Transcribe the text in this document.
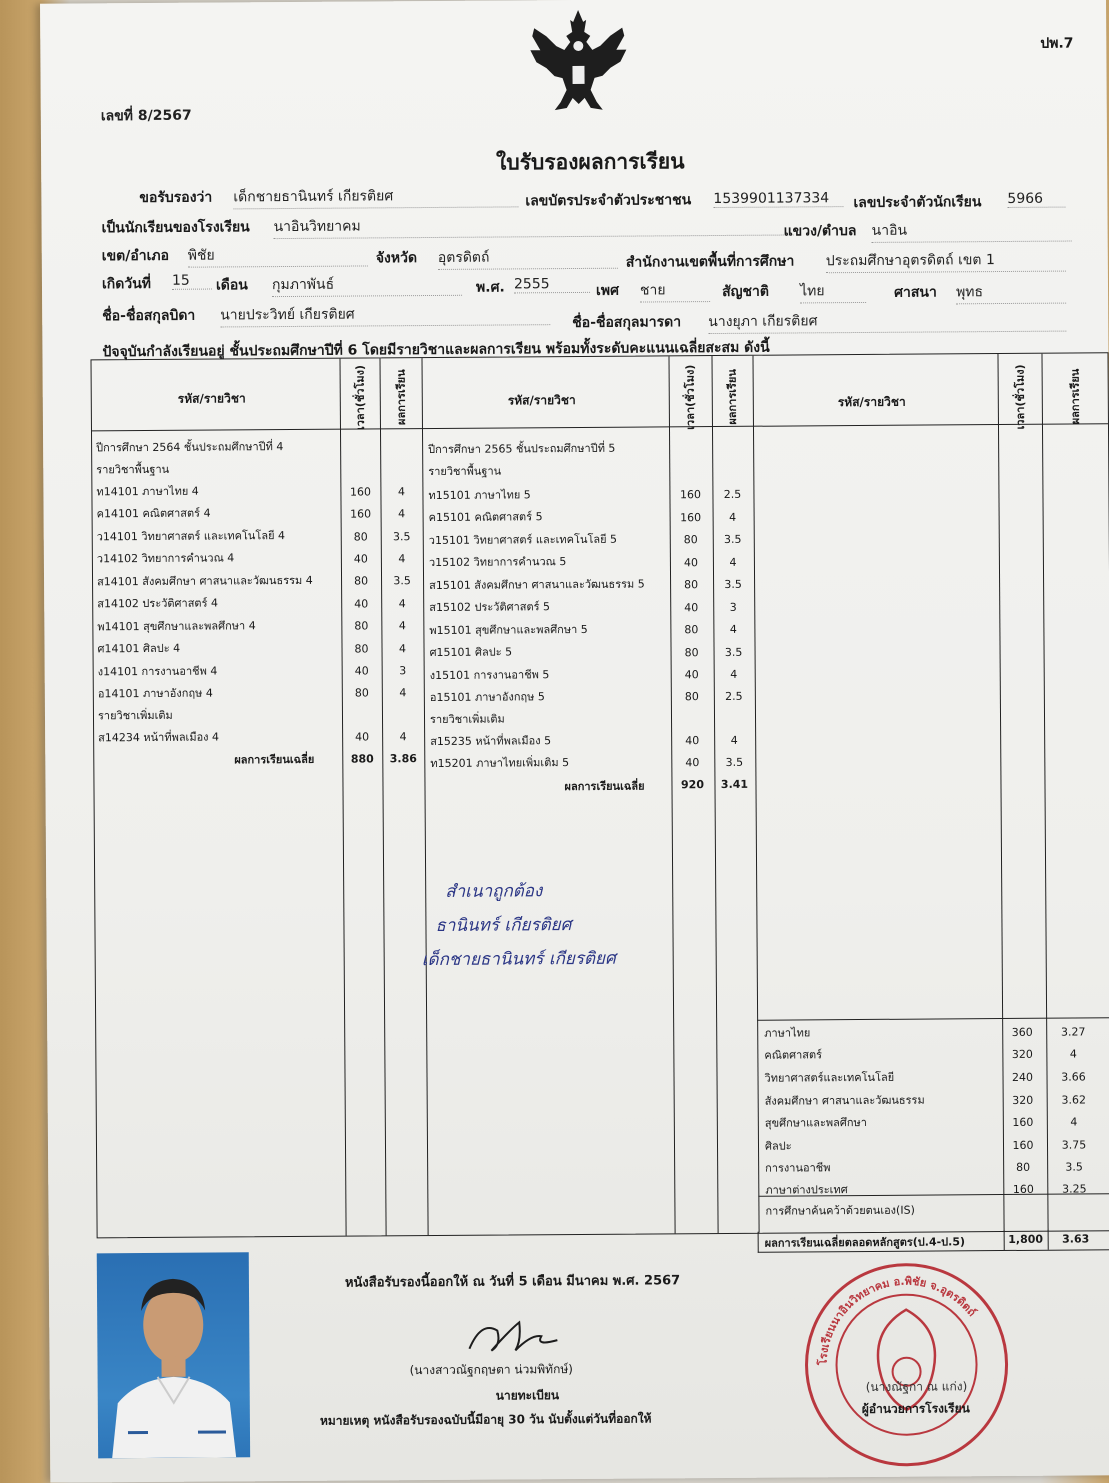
ปพ.7
เลขที่ 8/2567
ใบรับรองผลการเรียน
ขอรับรองว่า เด็กชายธานินทร์ เกียรติยศ	เลขบัตรประจำตัวประชาชน 1539901137334	เลขประจำตัวนักเรียน 5966
เป็นนักเรียนของโรงเรียน นาอินวิทยาคม	แขวง/ตำบล นาอิน
เขต/อำเภอ พิชัย	จังหวัด อุตรดิตถ์	สำนักงานเขตพื้นที่การศึกษา ประถมศึกษาอุตรดิตถ์ เขต 1
เกิดวันที่ 15	เดือน กุมภาพันธ์	พ.ศ. 2555	เพศ ชาย	สัญชาติ ไทย	ศาสนา พุทธ
ชื่อ-ชื่อสกุลบิดา นายประวิทย์ เกียรติยศ	ชื่อ-ชื่อสกุลมารดา นางยุภา เกียรติยศ
ปัจจุบันกำลังเรียนอยู่ ชั้นประถมศึกษาปีที่ 6 โดยมีรายวิชาและผลการเรียน พร้อมทั้งระดับคะแนนเฉลี่ยสะสม ดังนี้
รหัส/รายวิชา	เวลา(ชั่วโมง)	ผลการเรียน	รหัส/รายวิชา	เวลา(ชั่วโมง)	ผลการเรียน	รหัส/รายวิชา	เวลา(ชั่วโมง)	ผลการเรียน
ปีการศึกษา 2564 ชั้นประถมศึกษาปีที่ 4
รายวิชาพื้นฐาน
ท14101 ภาษาไทย 4	160	4
ค14101 คณิตศาสตร์ 4	160	4
ว14101 วิทยาศาสตร์ และเทคโนโลยี 4	80	3.5
ว14102 วิทยาการคำนวณ 4	40	4
ส14101 สังคมศึกษา ศาสนาและวัฒนธรรม 4	80	3.5
ส14102 ประวัติศาสตร์ 4	40	4
พ14101 สุขศึกษาและพลศึกษา 4	80	4
ศ14101 ศิลปะ 4	80	4
ง14101 การงานอาชีพ 4	40	3
อ14101 ภาษาอังกฤษ 4	80	4
รายวิชาเพิ่มเติม
ส14234 หน้าที่พลเมือง 4	40	4
ผลการเรียนเฉลี่ย	880	3.86
ปีการศึกษา 2565 ชั้นประถมศึกษาปีที่ 5
รายวิชาพื้นฐาน
ท15101 ภาษาไทย 5	160	2.5
ค15101 คณิตศาสตร์ 5	160	4
ว15101 วิทยาศาสตร์ และเทคโนโลยี 5	80	3.5
ว15102 วิทยาการคำนวณ 5	40	4
ส15101 สังคมศึกษา ศาสนาและวัฒนธรรม 5	80	3.5
ส15102 ประวัติศาสตร์ 5	40	3
พ15101 สุขศึกษาและพลศึกษา 5	80	4
ศ15101 ศิลปะ 5	80	3.5
ง15101 การงานอาชีพ 5	40	4
อ15101 ภาษาอังกฤษ 5	80	2.5
รายวิชาเพิ่มเติม
ส15235 หน้าที่พลเมือง 5	40	4
ท15201 ภาษาไทยเพิ่มเติม 5	40	3.5
ผลการเรียนเฉลี่ย	920	3.41
สำเนาถูกต้อง
ธานินทร์ เกียรติยศ
เด็กชายธานินทร์ เกียรติยศ
ภาษาไทย	360	3.27
คณิตศาสตร์	320	4
วิทยาศาสตร์และเทคโนโลยี	240	3.66
สังคมศึกษา ศาสนาและวัฒนธรรม	320	3.62
สุขศึกษาและพลศึกษา	160	4
ศิลปะ	160	3.75
การงานอาชีพ	80	3.5
ภาษาต่างประเทศ	160	3.25
การศึกษาค้นคว้าด้วยตนเอง(IS)
ผลการเรียนเฉลี่ยตลอดหลักสูตร(ป.4-ป.5)	1,800	3.63
หนังสือรับรองนี้ออกให้ ณ วันที่ 5 เดือน มีนาคม พ.ศ. 2567
(นางสาวณัฐกฤษตา น่วมพิทักษ์)
นายทะเบียน
หมายเหตุ หนังสือรับรองฉบับนี้มีอายุ 30 วัน นับตั้งแต่วันที่ออกให้
โรงเรียนนาอินวิทยาคม อ.พิชัย จ.อุตรดิตถ์
(นางณัฐกา ณ แก่ง)
ผู้อำนวยการโรงเรียน
